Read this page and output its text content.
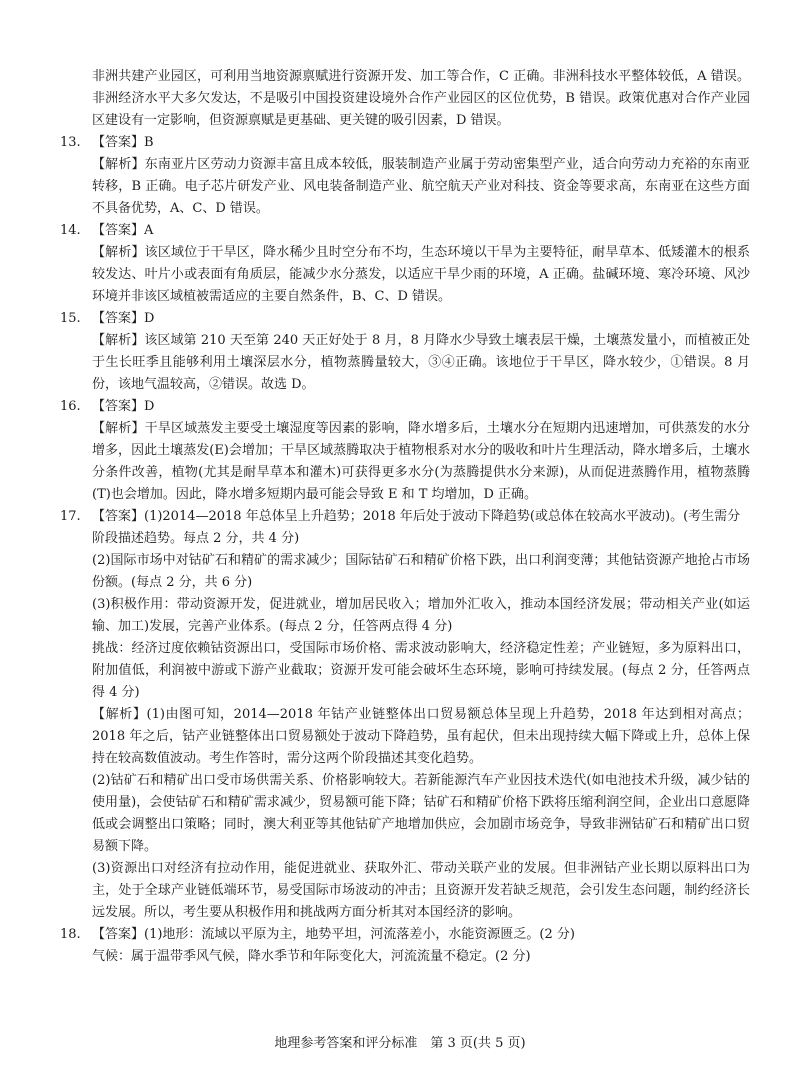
非洲共建产业园区，可利用当地资源禀赋进行资源开发、加工等合作，C 正确。非洲科技水平整体较低，A 错误。非洲经济水平大多欠发达，不是吸引中国投资建设境外合作产业园区的区位优势，B 错误。政策优惠对合作产业园区建设有一定影响，但资源禀赋是更基础、更关键的吸引因素，D 错误。

13. 【答案】B

【解析】东南亚片区劳动力资源丰富且成本较低，服装制造产业属于劳动密集型产业，适合向劳动力充裕的东南亚转移，B 正确。电子芯片研发产业、风电装备制造产业、航空航天产业对科技、资金等要求高，东南亚在这些方面不具备优势，A、C、D 错误。

14. 【答案】A

【解析】该区域位于干旱区，降水稀少且时空分布不均，生态环境以干旱为主要特征，耐旱草本、低矮灌木的根系较发达、叶片小或表面有角质层，能减少水分蒸发，以适应干旱少雨的环境，A 正确。盐碱环境、寒冷环境、风沙环境并非该区域植被需适应的主要自然条件，B、C、D 错误。

15. 【答案】D

【解析】该区域第 210 天至第 240 天正好处于 8 月，8 月降水少导致土壤表层干燥，土壤蒸发量小，而植被正处于生长旺季且能够利用土壤深层水分，植物蒸腾量较大，③④正确。该地位于干旱区，降水较少，①错误。8 月份，该地气温较高，②错误。故选 D。

16. 【答案】D

【解析】干旱区域蒸发主要受土壤湿度等因素的影响，降水增多后，土壤水分在短期内迅速增加，可供蒸发的水分增多，因此土壤蒸发(E)会增加；干旱区域蒸腾取决于植物根系对水分的吸收和叶片生理活动，降水增多后，土壤水分条件改善，植物(尤其是耐旱草本和灌木)可获得更多水分(为蒸腾提供水分来源)，从而促进蒸腾作用，植物蒸腾(T)也会增加。因此，降水增多短期内最可能会导致 E 和 T 均增加，D 正确。

17. 【答案】(1)2014—2018 年总体呈上升趋势；2018 年后处于波动下降趋势(或总体在较高水平波动)。(考生需分阶段描述趋势。每点 2 分，共 4 分)

(2)国际市场中对钴矿石和精矿的需求减少；国际钴矿石和精矿价格下跌，出口利润变薄；其他钴资源产地抢占市场份额。(每点 2 分，共 6 分)

(3)积极作用：带动资源开发，促进就业，增加居民收入；增加外汇收入，推动本国经济发展；带动相关产业(如运输、加工)发展，完善产业体系。(每点 2 分，任答两点得 4 分)

挑战：经济过度依赖钴资源出口，受国际市场价格、需求波动影响大，经济稳定性差；产业链短，多为原料出口，附加值低，利润被中游或下游产业截取；资源开发可能会破坏生态环境，影响可持续发展。(每点 2 分，任答两点得 4 分)

【解析】(1)由图可知，2014—2018 年钴产业链整体出口贸易额总体呈现上升趋势，2018 年达到相对高点；2018 年之后，钴产业链整体出口贸易额处于波动下降趋势，虽有起伏，但未出现持续大幅下降或上升，总体上保持在较高数值波动。考生作答时，需分这两个阶段描述其变化趋势。

(2)钴矿石和精矿出口受市场供需关系、价格影响较大。若新能源汽车产业因技术迭代(如电池技术升级，减少钴的使用量)，会使钴矿石和精矿需求减少，贸易额可能下降；钴矿石和精矿价格下跌将压缩利润空间，企业出口意愿降低或会调整出口策略；同时，澳大利亚等其他钴矿产地增加供应，会加剧市场竞争，导致非洲钴矿石和精矿出口贸易额下降。

(3)资源出口对经济有拉动作用，能促进就业、获取外汇、带动关联产业的发展。但非洲钴产业长期以原料出口为主，处于全球产业链低端环节，易受国际市场波动的冲击；且资源开发若缺乏规范，会引发生态问题，制约经济长远发展。所以，考生要从积极作用和挑战两方面分析其对本国经济的影响。

18. 【答案】(1)地形：流域以平原为主，地势平坦，河流落差小，水能资源匮乏。(2 分)

气候：属于温带季风气候，降水季节和年际变化大，河流流量不稳定。(2 分)

地理参考答案和评分标准　第 3 页(共 5 页)
